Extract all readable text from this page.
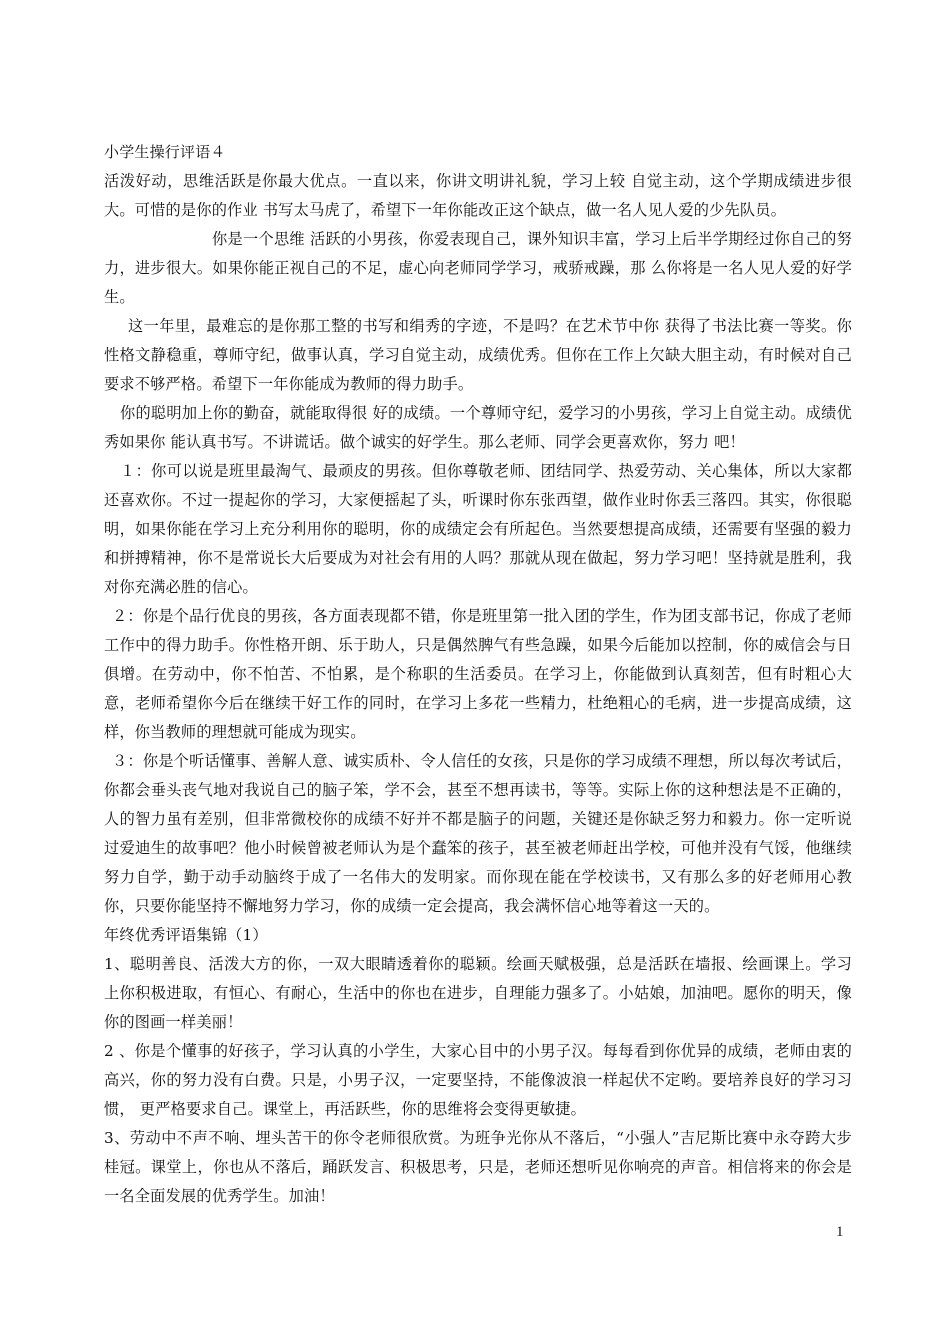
小学生操行评语４

活泼好动，思维活跃是你最大优点。一直以来，你讲文明讲礼貌，学习上较 自觉主动，这个学期成绩进步很大。可惜的是你的作业 书写太马虎了，希望下一年你能改正这个缺点，做一名人见人爱的少先队员。

你是一个思维 活跃的小男孩，你爱表现自己，课外知识丰富，学习上后半学期经过你自己的努 力，进步很大。如果你能正视自己的不足，虚心向老师同学学习，戒骄戒躁，那 么你将是一名人见人爱的好学生。

这一年里，最难忘的是你那工整的书写和绢秀的字迹，不是吗？在艺术节中你 获得了书法比赛一等奖。你性格文静稳重，尊师守纪，做事认真，学习自觉主动，成绩优秀。但你在工作上欠缺大胆主动，有时候对自己要求不够严格。希望下一年你能成为教师的得力助手。

你的聪明加上你的勤奋，就能取得很 好的成绩。一个尊师守纪，爱学习的小男孩，学习上自觉主动。成绩优秀如果你 能认真书写。不讲谎话。做个诚实的好学生。那么老师、同学会更喜欢你，努力 吧！

１：你可以说是班里最淘气、最顽皮的男孩。但你尊敬老师、团结同学、热爱劳动、关心集体，所以大家都还喜欢你。不过一提起你的学习，大家便摇起了头，听课时你东张西望，做作业时你丢三落四。其实，你很聪明，如果你能在学习上充分利用你的聪明，你的成绩定会有所起色。当然要想提高成绩，还需要有坚强的毅力和拼搏精神，你不是常说长大后要成为对社会有用的人吗？那就从现在做起，努力学习吧！坚持就是胜利，我对你充满必胜的信心。

２：你是个品行优良的男孩，各方面表现都不错，你是班里第一批入团的学生，作为团支部书记，你成了老师工作中的得力助手。你性格开朗、乐于助人，只是偶然脾气有些急躁，如果今后能加以控制，你的威信会与日俱增。在劳动中，你不怕苦、不怕累，是个称职的生活委员。在学习上，你能做到认真刻苦，但有时粗心大意，老师希望你今后在继续干好工作的同时，在学习上多花一些精力，杜绝粗心的毛病，进一步提高成绩，这样，你当教师的理想就可能成为现实。

３：你是个听话懂事、善解人意、诚实质朴、令人信任的女孩，只是你的学习成绩不理想，所以每次考试后，你都会垂头丧气地对我说自己的脑子笨，学不会，甚至不想再读书，等等。实际上你的这种想法是不正确的，人的智力虽有差别，但非常微校你的成绩不好并不都是脑子的问题，关键还是你缺乏努力和毅力。你一定听说过爱迪生的故事吧？他小时候曾被老师认为是个蠢笨的孩子，甚至被老师赶出学校，可他并没有气馁，他继续努力自学，勤于动手动脑终于成了一名伟大的发明家。而你现在能在学校读书，又有那么多的好老师用心教你，只要你能坚持不懈地努力学习，你的成绩一定会提高，我会满怀信心地等着这一天的。

年终优秀评语集锦（1）

1、聪明善良、活泼大方的你，一双大眼睛透着你的聪颖。绘画天赋极强，总是活跃在墙报、绘画课上。学习上你积极进取，有恒心、有耐心，生活中的你也在进步，自理能力强多了。小姑娘，加油吧。愿你的明天，像你的图画一样美丽！

2 、你是个懂事的好孩子，学习认真的小学生，大家心目中的小男子汉。每每看到你优异的成绩，老师由衷的高兴，你的努力没有白费。只是，小男子汉，一定要坚持，不能像波浪一样起伏不定哟。要培养良好的学习习惯， 更严格要求自己。课堂上，再活跃些，你的思维将会变得更敏捷。

3、劳动中不声不响、埋头苦干的你令老师很欣赏。为班争光你从不落后，“小强人”吉尼斯比赛中永夺跨大步桂冠。课堂上，你也从不落后，踊跃发言、积极思考，只是，老师还想听见你响亮的声音。相信将来的你会是一名全面发展的优秀学生。加油！

1
